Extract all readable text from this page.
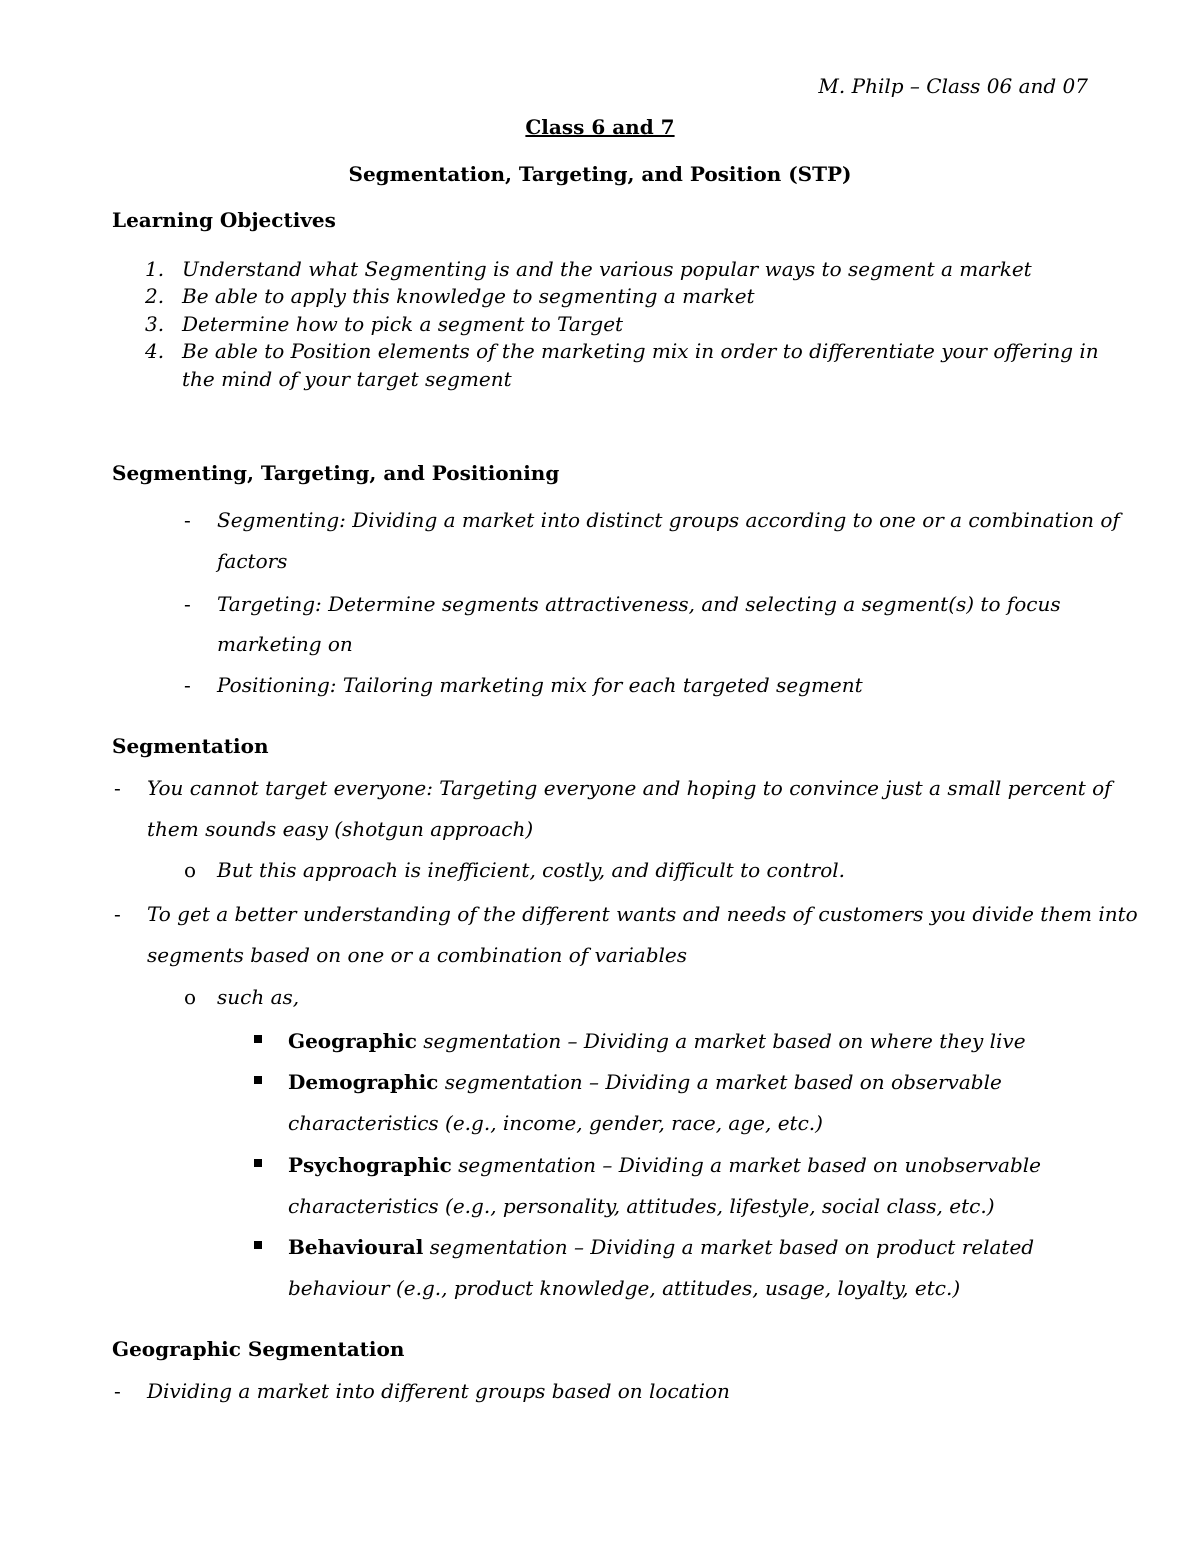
M. Philp – Class 06 and 07
Class 6 and 7
Segmentation, Targeting, and Position (STP)
Learning Objectives
1. Understand what Segmenting is and the various popular ways to segment a market
2. Be able to apply this knowledge to segmenting a market
3. Determine how to pick a segment to Target
4. Be able to Position elements of the marketing mix in order to differentiate your offering in
the mind of your target segment
Segmenting, Targeting, and Positioning
- Segmenting: Dividing a market into distinct groups according to one or a combination of
factors
- Targeting: Determine segments attractiveness, and selecting a segment(s) to focus
marketing on
- Positioning: Tailoring marketing mix for each targeted segment
Segmentation
- You cannot target everyone: Targeting everyone and hoping to convince just a small percent of
them sounds easy (shotgun approach)
o But this approach is inefficient, costly, and difficult to control.
- To get a better understanding of the different wants and needs of customers you divide them into
segments based on one or a combination of variables
o such as,
Geographic segmentation – Dividing a market based on where they live
Demographic segmentation – Dividing a market based on observable
characteristics (e.g., income, gender, race, age, etc.)
Psychographic segmentation – Dividing a market based on unobservable
characteristics (e.g., personality, attitudes, lifestyle, social class, etc.)
Behavioural segmentation – Dividing a market based on product related
behaviour (e.g., product knowledge, attitudes, usage, loyalty, etc.)
Geographic Segmentation
- Dividing a market into different groups based on location
